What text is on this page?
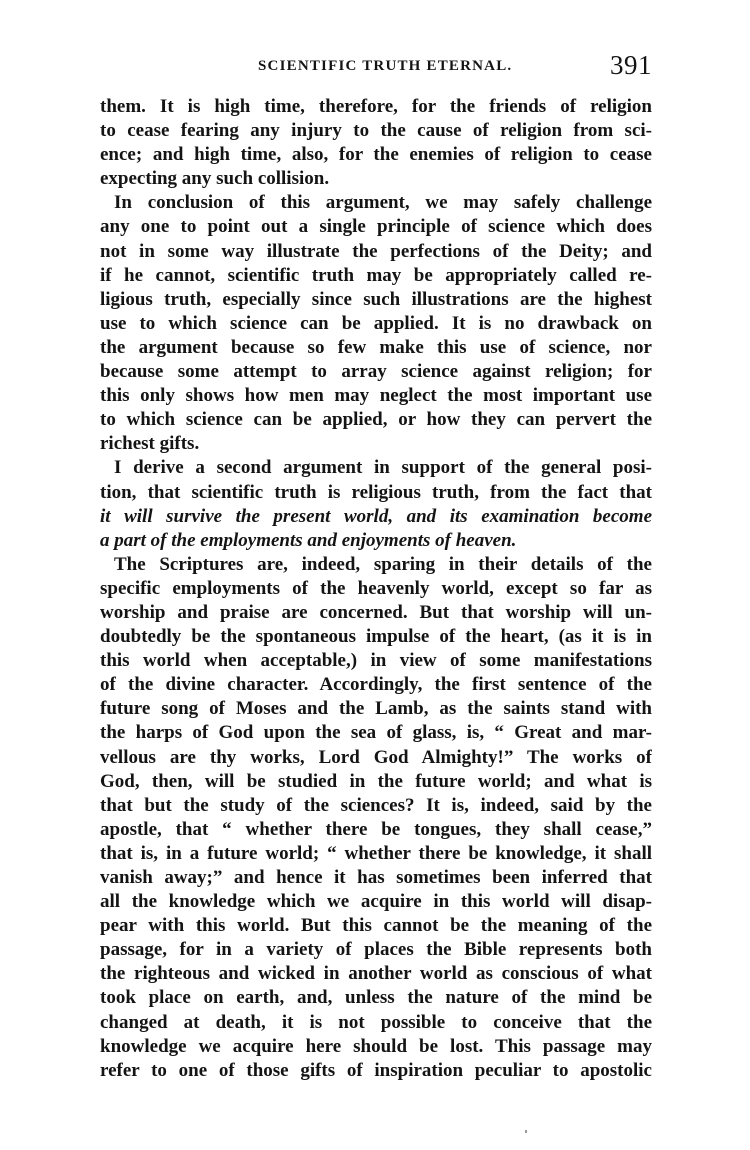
SCIENTIFIC TRUTH ETERNAL.	391
them. It is high time, therefore, for the friends of religion
to cease fearing any injury to the cause of religion from sci-
ence; and high time, also, for the enemies of religion to cease
expecting any such collision.
In conclusion of this argument, we may safely challenge
any one to point out a single principle of science which does
not in some way illustrate the perfections of the Deity; and
if he cannot, scientific truth may be appropriately called re-
ligious truth, especially since such illustrations are the highest
use to which science can be applied. It is no drawback on
the argument because so few make this use of science, nor
because some attempt to array science against religion; for
this only shows how men may neglect the most important use
to which science can be applied, or how they can pervert the
richest gifts.
I derive a second argument in support of the general posi-
tion, that scientific truth is religious truth, from the fact that
it will survive the present world, and its examination become
a part of the employments and enjoyments of heaven.
The Scriptures are, indeed, sparing in their details of the
specific employments of the heavenly world, except so far as
worship and praise are concerned. But that worship will un-
doubtedly be the spontaneous impulse of the heart, (as it is in
this world when acceptable,) in view of some manifestations
of the divine character. Accordingly, the first sentence of the
future song of Moses and the Lamb, as the saints stand with
the harps of God upon the sea of glass, is, “ Great and mar-
vellous are thy works, Lord God Almighty!” The works of
God, then, will be studied in the future world; and what is
that but the study of the sciences? It is, indeed, said by the
apostle, that “ whether there be tongues, they shall cease,”
that is, in a future world; “ whether there be knowledge, it shall
vanish away;” and hence it has sometimes been inferred that
all the knowledge which we acquire in this world will disap-
pear with this world. But this cannot be the meaning of the
passage, for in a variety of places the Bible represents both
the righteous and wicked in another world as conscious of what
took place on earth, and, unless the nature of the mind be
changed at death, it is not possible to conceive that the
knowledge we acquire here should be lost. This passage may
refer to one of those gifts of inspiration peculiar to apostolic
